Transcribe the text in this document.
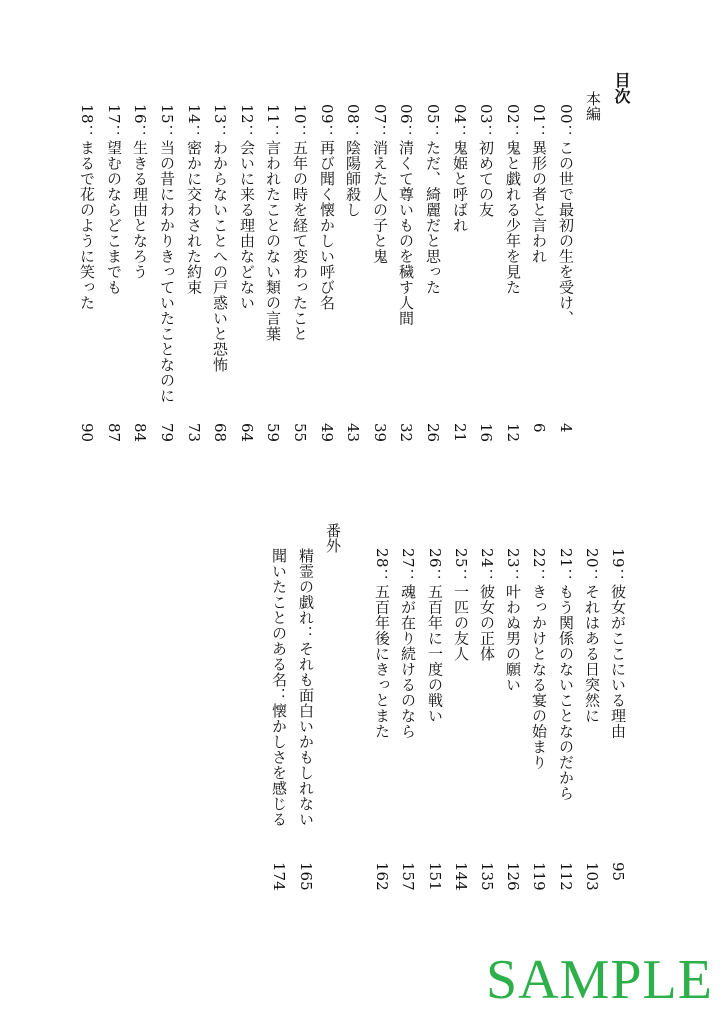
目次
本編
00：この世で最初の生を受け、
4
01：異形の者と言われ
6
02：鬼と戯れる少年を見た
12
03：初めての友
16
04：鬼姫と呼ばれ
21
05：ただ、綺麗だと思った
26
06：清くて尊いものを穢す人間
32
07：消えた人の子と鬼
39
08：陰陽師殺し
43
09：再び聞く懐かしい呼び名
49
10：五年の時を経て変わったこと
55
11：言われたことのない類の言葉
59
12：会いに来る理由などない
64
13：わからないことへの戸惑いと恐怖
68
14：密かに交わされた約束
73
15：当の昔にわかりきっていたことなのに
79
16：生きる理由となろう
84
17：望むのならどこまでも
87
18：まるで花のように笑った
90
19：彼女がここにいる理由
95
20：それはある日突然に
103
21：もう関係のないことなのだから
112
22：きっかけとなる宴の始まり
119
23：叶わぬ男の願い
126
24：彼女の正体
135
25：一匹の友人
144
26：五百年に一度の戦い
151
27：魂が在り続けるのなら
157
28：五百年後にきっとまた
162
番外
精霊の戯れ：それも面白いかもしれない
165
聞いたことのある名：懐かしさを感じる
174
SAMPLE
